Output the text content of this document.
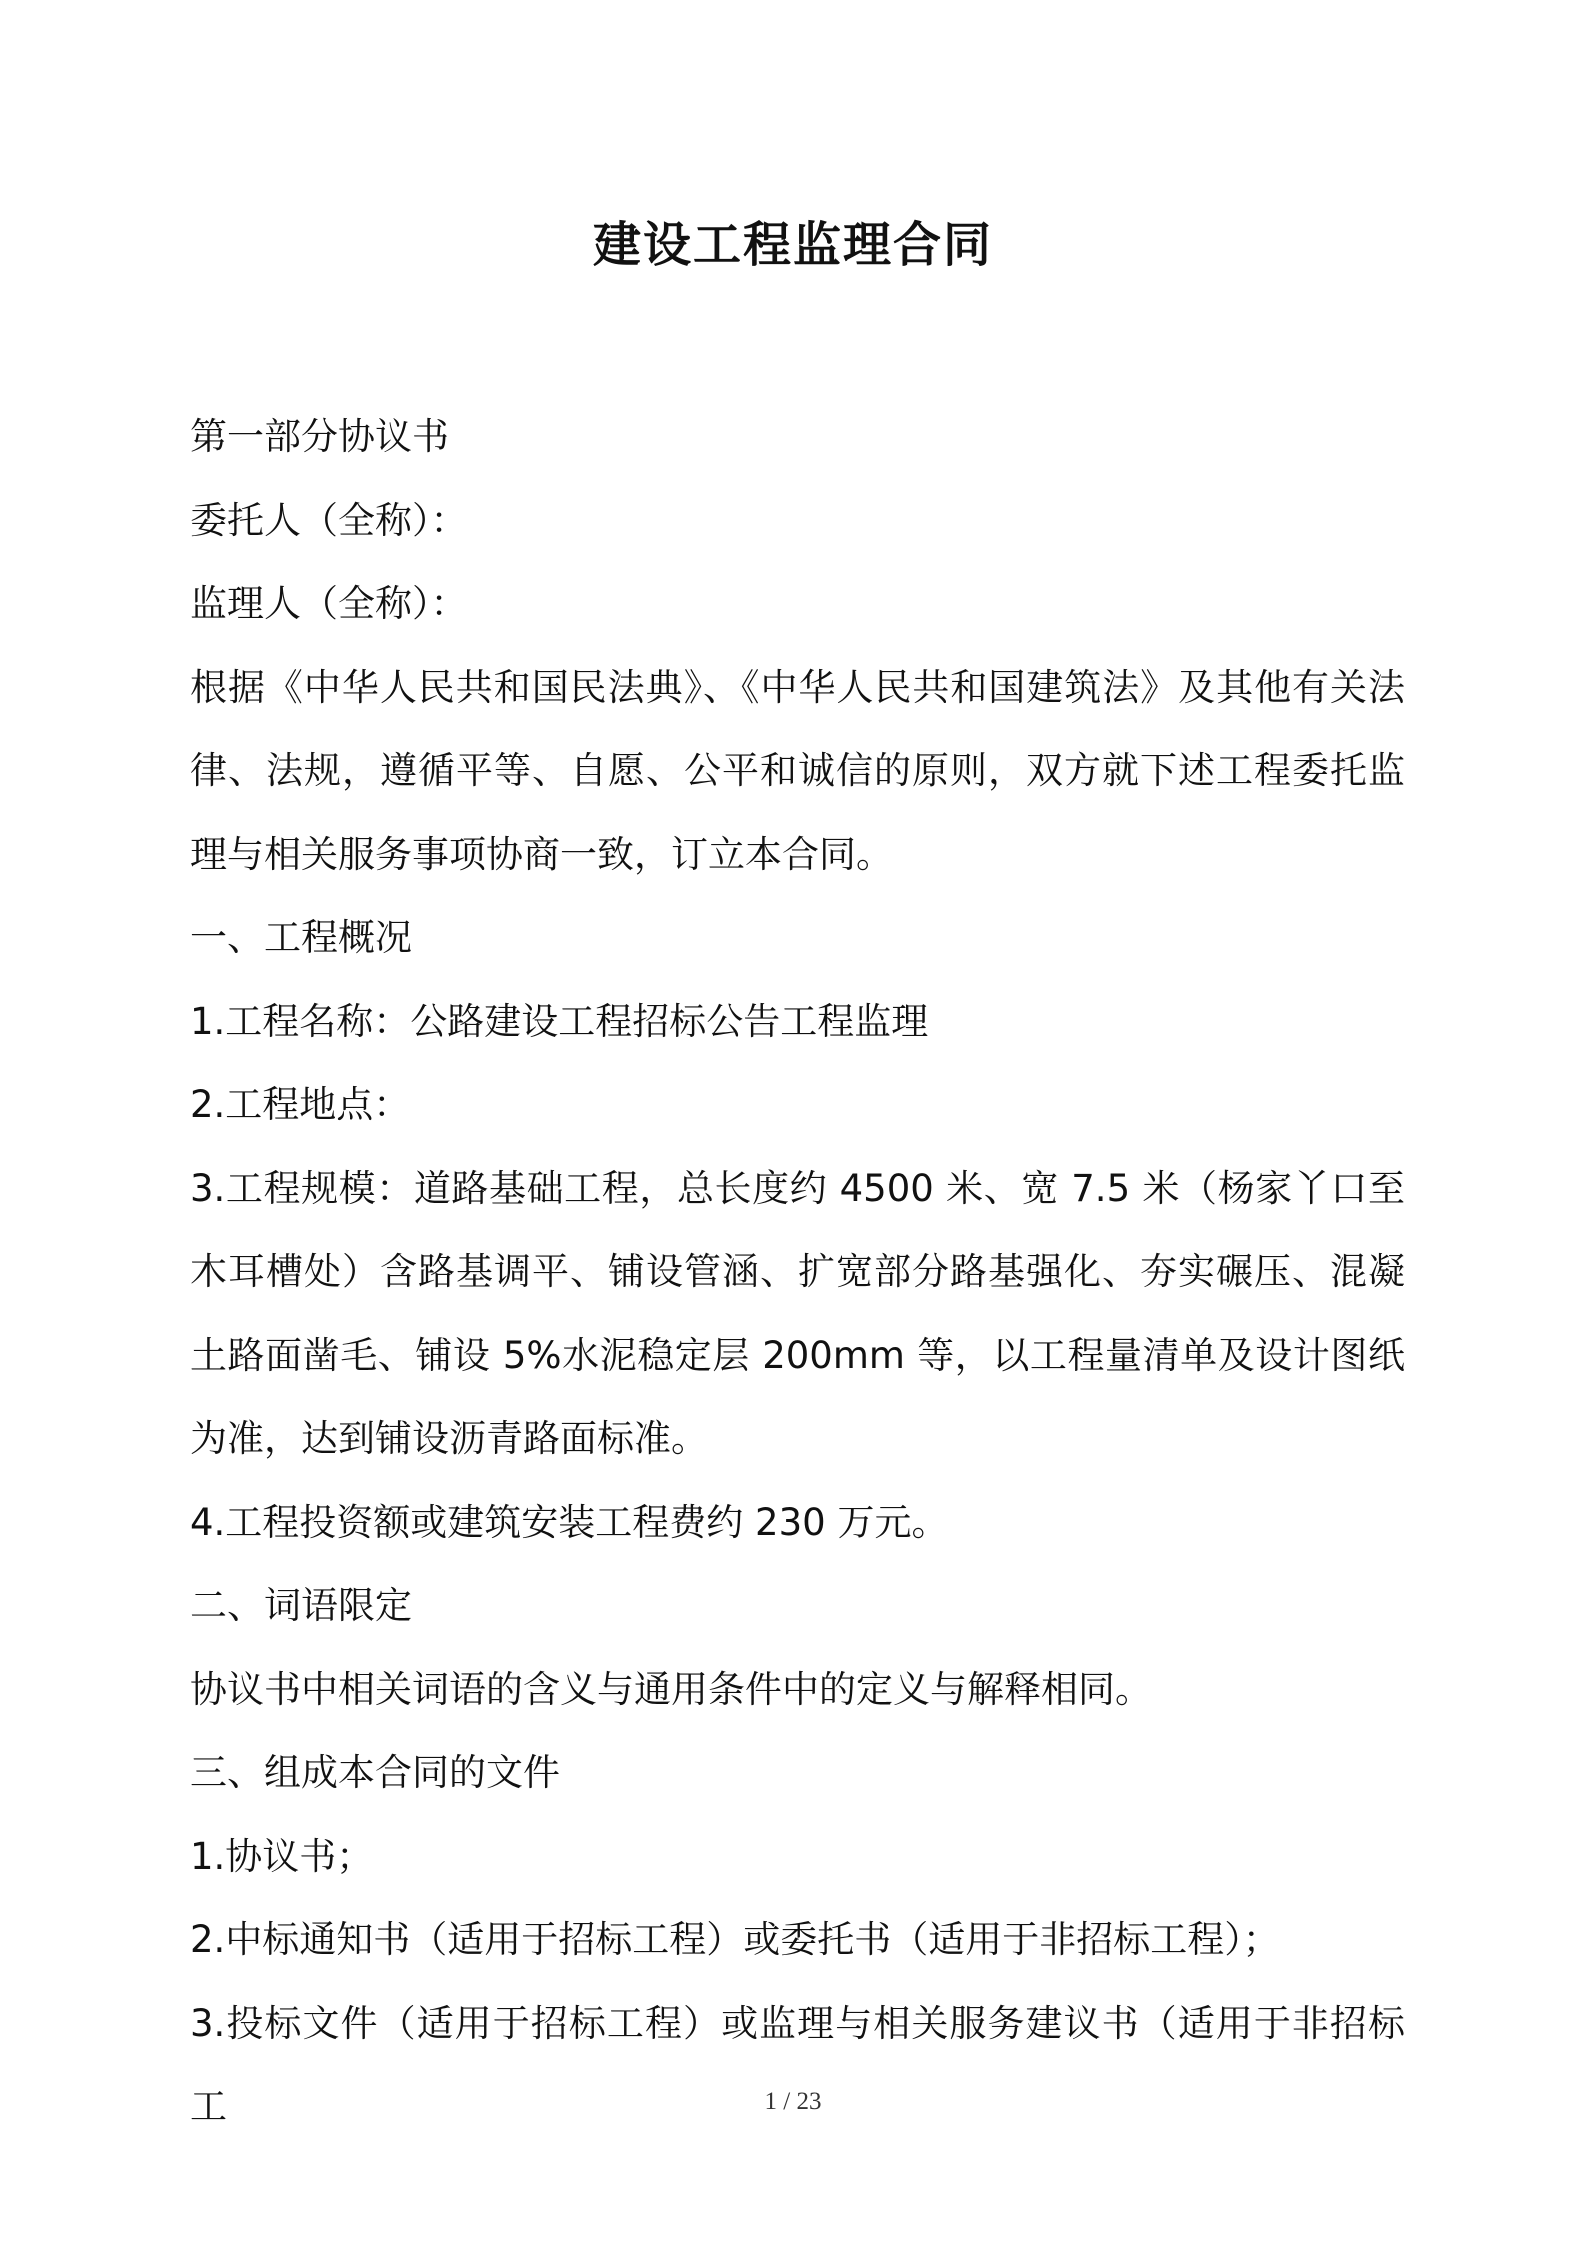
建设工程监理合同

第一部分协议书

委托人（全称）：

监理人（全称）：

根据《中华人民共和国民法典》、《中华人民共和国建筑法》及其他有关法律、法规，遵循平等、自愿、公平和诚信的原则，双方就下述工程委托监理与相关服务事项协商一致，订立本合同。

一、工程概况

1.工程名称：公路建设工程招标公告工程监理

2.工程地点：

3.工程规模：道路基础工程，总长度约 4500 米、宽 7.5 米（杨家丫口至木耳槽处）含路基调平、铺设管涵、扩宽部分路基强化、夯实碾压、混凝土路面凿毛、铺设 5%水泥稳定层 200mm 等，以工程量清单及设计图纸为准，达到铺设沥青路面标准。

4.工程投资额或建筑安装工程费约 230 万元。

二、词语限定

协议书中相关词语的含义与通用条件中的定义与解释相同。

三、组成本合同的文件

1.协议书；

2.中标通知书（适用于招标工程）或委托书（适用于非招标工程）；

3.投标文件（适用于招标工程）或监理与相关服务建议书（适用于非招标工	1 / 23
